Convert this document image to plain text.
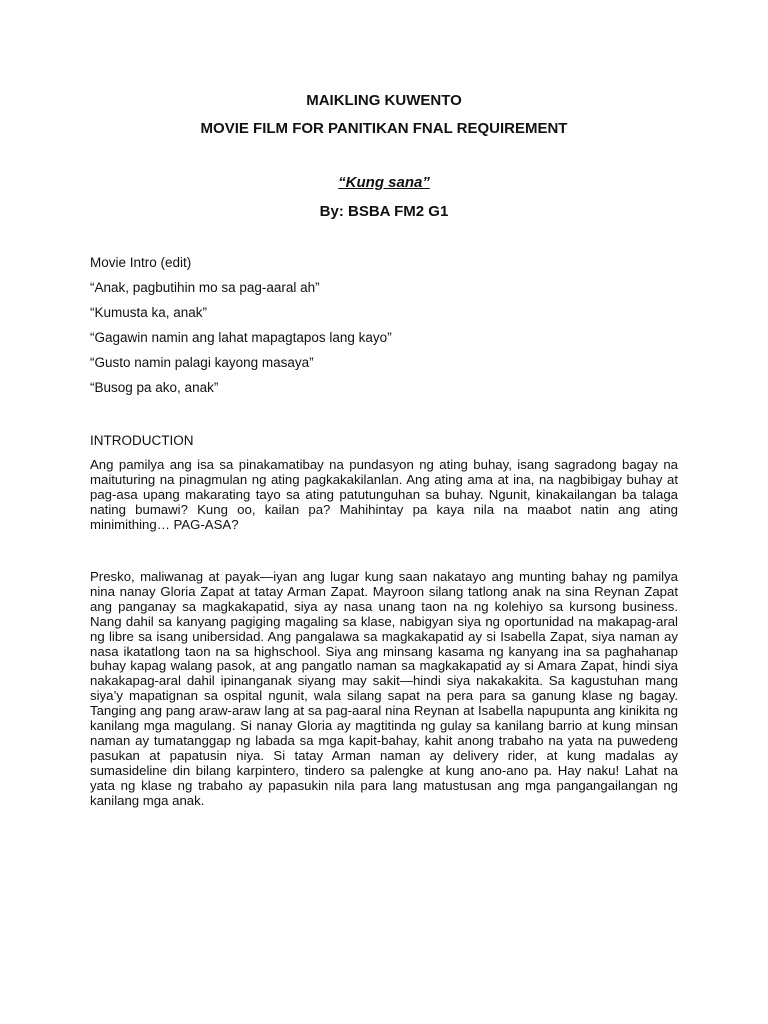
MAIKLING KUWENTO

MOVIE FILM FOR PANITIKAN FNAL REQUIREMENT

“Kung sana”

By: BSBA FM2 G1

Movie Intro (edit)

“Anak, pagbutihin mo sa pag-aaral ah”

“Kumusta ka, anak”

“Gagawin namin ang lahat mapagtapos lang kayo”

“Gusto namin palagi kayong masaya”

“Busog pa ako, anak”

INTRODUCTION

Ang pamilya ang isa sa pinakamatibay na pundasyon ng ating buhay, isang sagradong bagay na maituturing na pinagmulan ng ating pagkakakilanlan. Ang ating ama at ina, na nagbibigay buhay at pag-asa upang makarating tayo sa ating patutunguhan sa buhay. Ngunit, kinakailangan ba talaga nating bumawi? Kung oo, kailan pa? Mahihintay pa kaya nila na maabot natin ang ating minimithing… PAG-ASA?

Presko, maliwanag at payak—iyan ang lugar kung saan nakatayo ang munting bahay ng pamilya nina nanay Gloria Zapat at tatay Arman Zapat. Mayroon silang tatlong anak na sina Reynan Zapat ang panganay sa magkakapatid, siya ay nasa unang taon na ng kolehiyo sa kursong business. Nang dahil sa kanyang pagiging magaling sa klase, nabigyan siya ng oportunidad na makapag-aral ng libre sa isang unibersidad. Ang pangalawa sa magkakapatid ay si Isabella Zapat, siya naman ay nasa ikatatlong taon na sa highschool. Siya ang minsang kasama ng kanyang ina sa paghahanap buhay kapag walang pasok, at ang pangatlo naman sa magkakapatid ay si Amara Zapat, hindi siya nakakapag-aral dahil ipinanganak siyang may sakit—hindi siya nakakakita. Sa kagustuhan mang siya’y mapatignan sa ospital ngunit, wala silang sapat na pera para sa ganung klase ng bagay. Tanging ang pang araw-araw lang at sa pag-aaral nina Reynan at Isabella napupunta ang kinikita ng kanilang mga magulang. Si nanay Gloria ay magtitinda ng gulay sa kanilang barrio at kung minsan naman ay tumatanggap ng labada sa mga kapit-bahay, kahit anong trabaho na yata na puwedeng pasukan at papatusin niya. Si tatay Arman naman ay delivery rider, at kung madalas ay sumasideline din bilang karpintero, tindero sa palengke at kung ano-ano pa. Hay naku! Lahat na yata ng klase ng trabaho ay papasukin nila para lang matustusan ang mga pangangailangan ng kanilang mga anak.
